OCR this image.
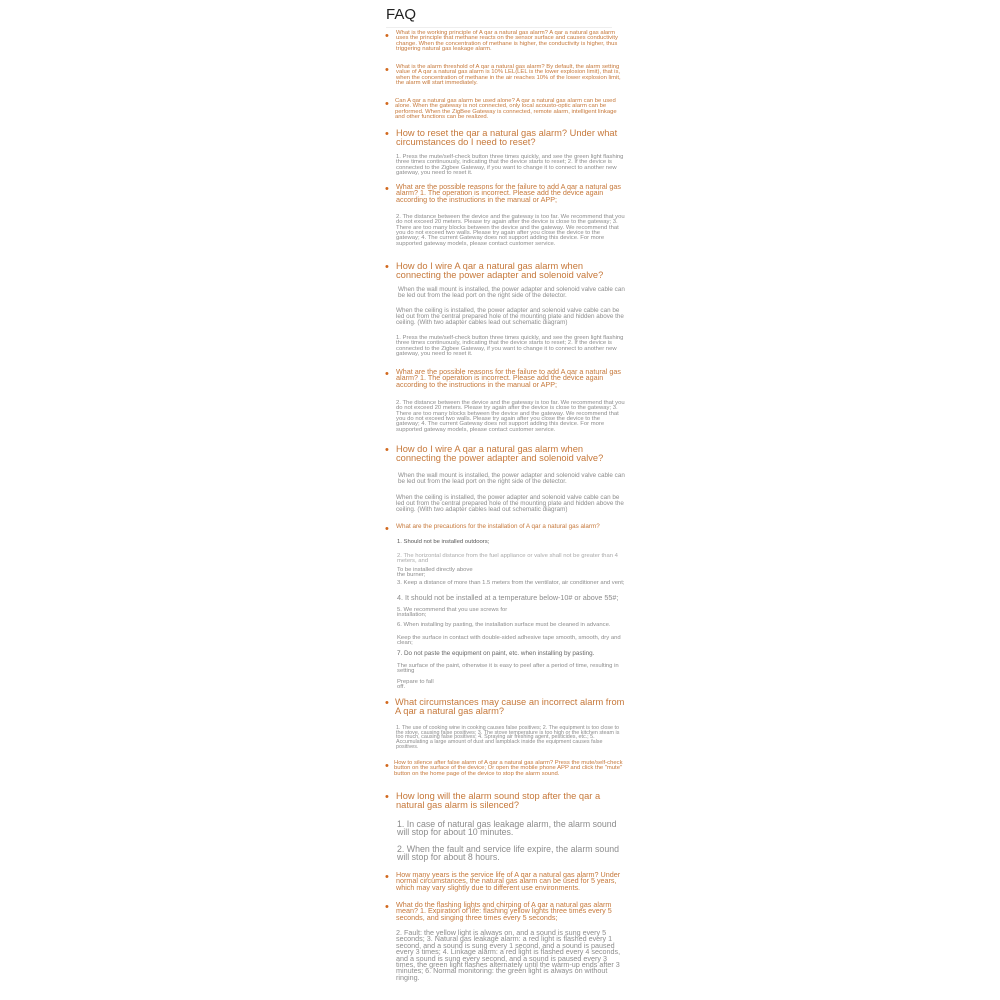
FAQ

• What is the working principle of A qar a natural gas alarm? A qar a natural gas alarm uses the principle that methane reacts on the sensor surface and causes conductivity change. When the concentration of methane is higher, the conductivity is higher, thus triggering natural gas leakage alarm.

• What is the alarm threshold of A qar a natural gas alarm? By default, the alarm setting value of A qar a natural gas alarm is 10% LEL(LEL is the lower explosion limit), that is, when the concentration of methane in the air reaches 10% of the lower explosion limit, the alarm will start immediately.

• Can A qar a natural gas alarm be used alone? A qar a natural gas alarm can be used alone. When the gateway is not connected, only local acousto-optic alarm can be performed. When the ZigBee Gateway is connected, remote alarm, intelligent linkage and other functions can be realized.

• How to reset the qar a natural gas alarm? Under what circumstances do I need to reset?

1. Press the mute/self-check button three times quickly, and see the green light flashing three times continuously, indicating that the device starts to reset; 2. If the device is connected to the Zigbee Gateway, if you want to change it to connect to another new gateway, you need to reset it.

• What are the possible reasons for the failure to add A qar a natural gas alarm? 1. The operation is incorrect. Please add the device again according to the instructions in the manual or APP;

2. The distance between the device and the gateway is too far. We recommend that you do not exceed 20 meters. Please try again after the device is close to the gateway; 3. There are too many blocks between the device and the gateway. We recommend that you do not exceed two walls. Please try again after you close the device to the gateway; 4. The current Gateway does not support adding this device. For more supported gateway models, please contact customer service.

• How do I wire A qar a natural gas alarm when connecting the power adapter and solenoid valve?

When the wall mount is installed, the power adapter and solenoid valve cable can be led out from the lead port on the right side of the detector.

When the ceiling is installed, the power adapter and solenoid valve cable can be led out from the central prepared hole of the mounting plate and hidden above the ceiling. (With two adapter cables lead out schematic diagram)

1. Press the mute/self-check button three times quickly, and see the green light flashing three times continuously, indicating that the device starts to reset; 2. If the device is connected to the Zigbee Gateway, if you want to change it to connect to another new gateway, you need to reset it.

• What are the possible reasons for the failure to add A qar a natural gas alarm? 1. The operation is incorrect. Please add the device again according to the instructions in the manual or APP;

2. The distance between the device and the gateway is too far. We recommend that you do not exceed 20 meters. Please try again after the device is close to the gateway; 3. There are too many blocks between the device and the gateway. We recommend that you do not exceed two walls. Please try again after you close the device to the gateway; 4. The current Gateway does not support adding this device. For more supported gateway models, please contact customer service.

• How do I wire A qar a natural gas alarm when connecting the power adapter and solenoid valve?

When the wall mount is installed, the power adapter and solenoid valve cable can be led out from the lead port on the right side of the detector.

When the ceiling is installed, the power adapter and solenoid valve cable can be led out from the central prepared hole of the mounting plate and hidden above the ceiling. (With two adapter cables lead out schematic diagram)

• What are the precautions for the installation of A qar a natural gas alarm?

1. Should not be installed outdoors;

2. The horizontal distance from the fuel appliance or valve shall not be greater than 4 meters, and

To be installed directly above the burner;

3. Keep a distance of more than 1.5 meters from the ventilator, air conditioner and vent;

4. It should not be installed at a temperature below-10# or above 55#;

5. We recommend that you use screws for installation;

6. When installing by pasting, the installation surface must be cleaned in advance.

Keep the surface in contact with double-sided adhesive tape smooth, smooth, dry and clean;

7. Do not paste the equipment on paint, etc. when installing by pasting.

The surface of the paint, otherwise it is easy to peel after a period of time, resulting in setting

Prepare to fall off.

• What circumstances may cause an incorrect alarm from A qar a natural gas alarm?

1. The use of cooking wine in cooking causes false positives; 2. The equipment is too close to the stove, causing false positives; 3. The stove temperature is too high or the kitchen steam is too much, causing false positives; 4. Spraying air freshing agent, pesticides, etc.; 5. Accumulating a large amount of dust and lampblack inside the equipment causes false positives.

• How to silence after false alarm of A qar a natural gas alarm? Press the mute/self-check button on the surface of the device; Or open the mobile phone APP and click the "mute" button on the home page of the device to stop the alarm sound.

• How long will the alarm sound stop after the qar a natural gas alarm is silenced?

1. In case of natural gas leakage alarm, the alarm sound will stop for about 10 minutes.

2. When the fault and service life expire, the alarm sound will stop for about 8 hours.

• How many years is the service life of A qar a natural gas alarm? Under normal circumstances, the natural gas alarm can be used for 5 years, which may vary slightly due to different use environments.

• What do the flashing lights and chirping of A qar a natural gas alarm mean? 1. Expiration of life: flashing yellow lights three times every 5 seconds, and singing three times every 5 seconds;

2. Fault: the yellow light is always on, and a sound is sung every 5 seconds; 3. Natural gas leakage alarm: a red light is flashed every 1 second, and a sound is sung every 1 second, and a sound is paused every 3 times; 4. Linkage alarm: a red light is flashed every 4 seconds, and a sound is sung every second, and a sound is paused every 3 times, the green light flashes alternately until the warm-up ends after 3 minutes; 6. Normal monitoring: the green light is always on without ringing.
